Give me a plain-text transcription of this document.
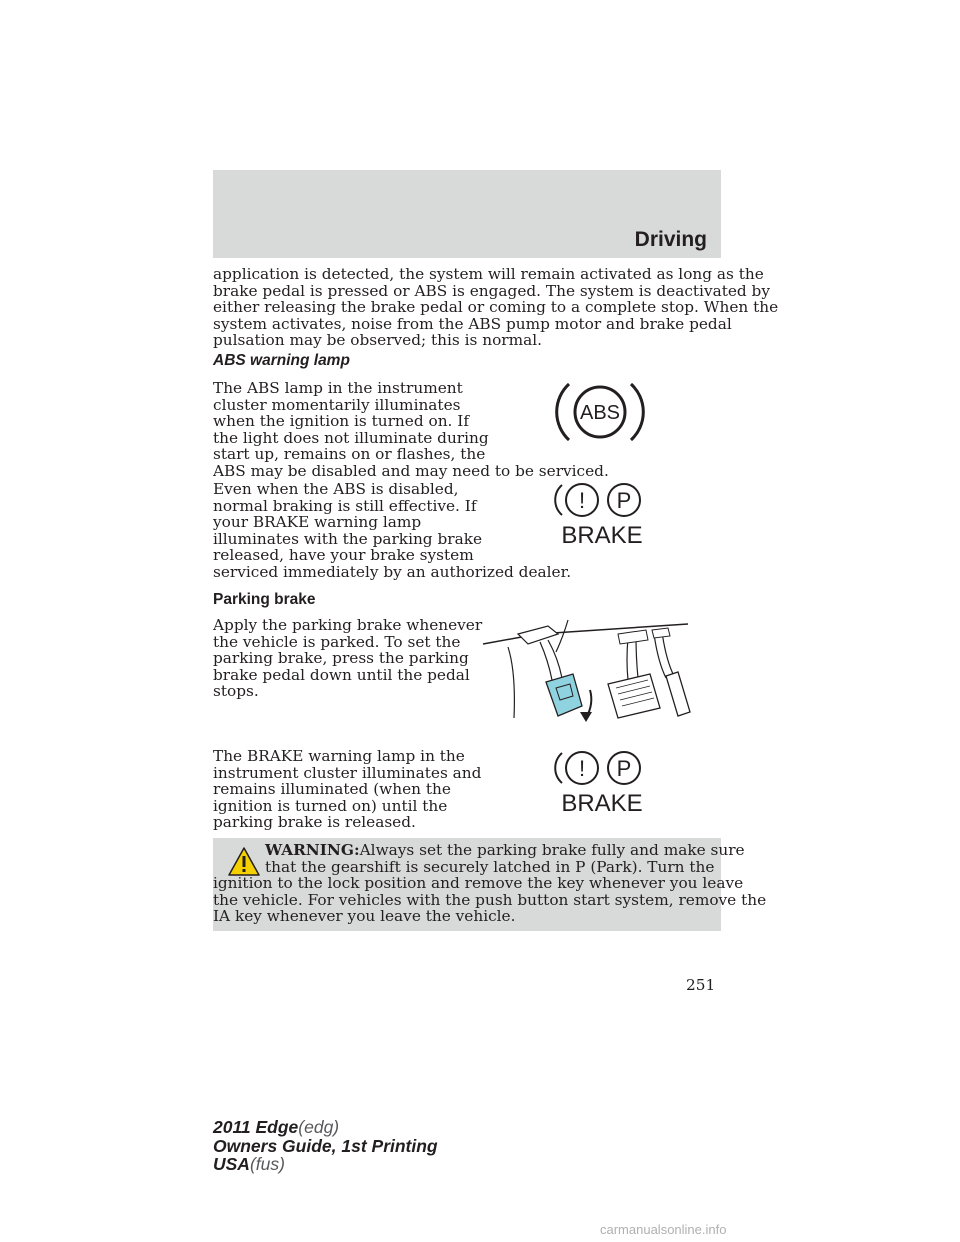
Driving
application is detected, the system will remain activated as long as the
brake pedal is pressed or ABS is engaged. The system is deactivated by
either releasing the brake pedal or coming to a complete stop. When the
system activates, noise from the ABS pump motor and brake pedal
pulsation may be observed; this is normal.
ABS warning lamp
The ABS lamp in the instrument
cluster momentarily illuminates
when the ignition is turned on. If
the light does not illuminate during
start up, remains on or flashes, the
ABS may be disabled and may need to be serviced.
ABS
Even when the ABS is disabled,
normal braking is still effective. If
your BRAKE warning lamp
illuminates with the parking brake
released, have your brake system
serviced immediately by an authorized dealer.
! P
BRAKE
Parking brake
Apply the parking brake whenever
the vehicle is parked. To set the
parking brake, press the parking
brake pedal down until the pedal
stops.
The BRAKE warning lamp in the
instrument cluster illuminates and
remains illuminated (when the
ignition is turned on) until the
parking brake is released.
! P
BRAKE
WARNING:Always set the parking brake fully and make sure
that the gearshift is securely latched in P (Park). Turn the
ignition to the lock position and remove the key whenever you leave
the vehicle. For vehicles with the push button start system, remove the
IA key whenever you leave the vehicle.
251
2011 Edge(edg)
Owners Guide, 1st Printing
USA(fus)
carmanualsonline.info
